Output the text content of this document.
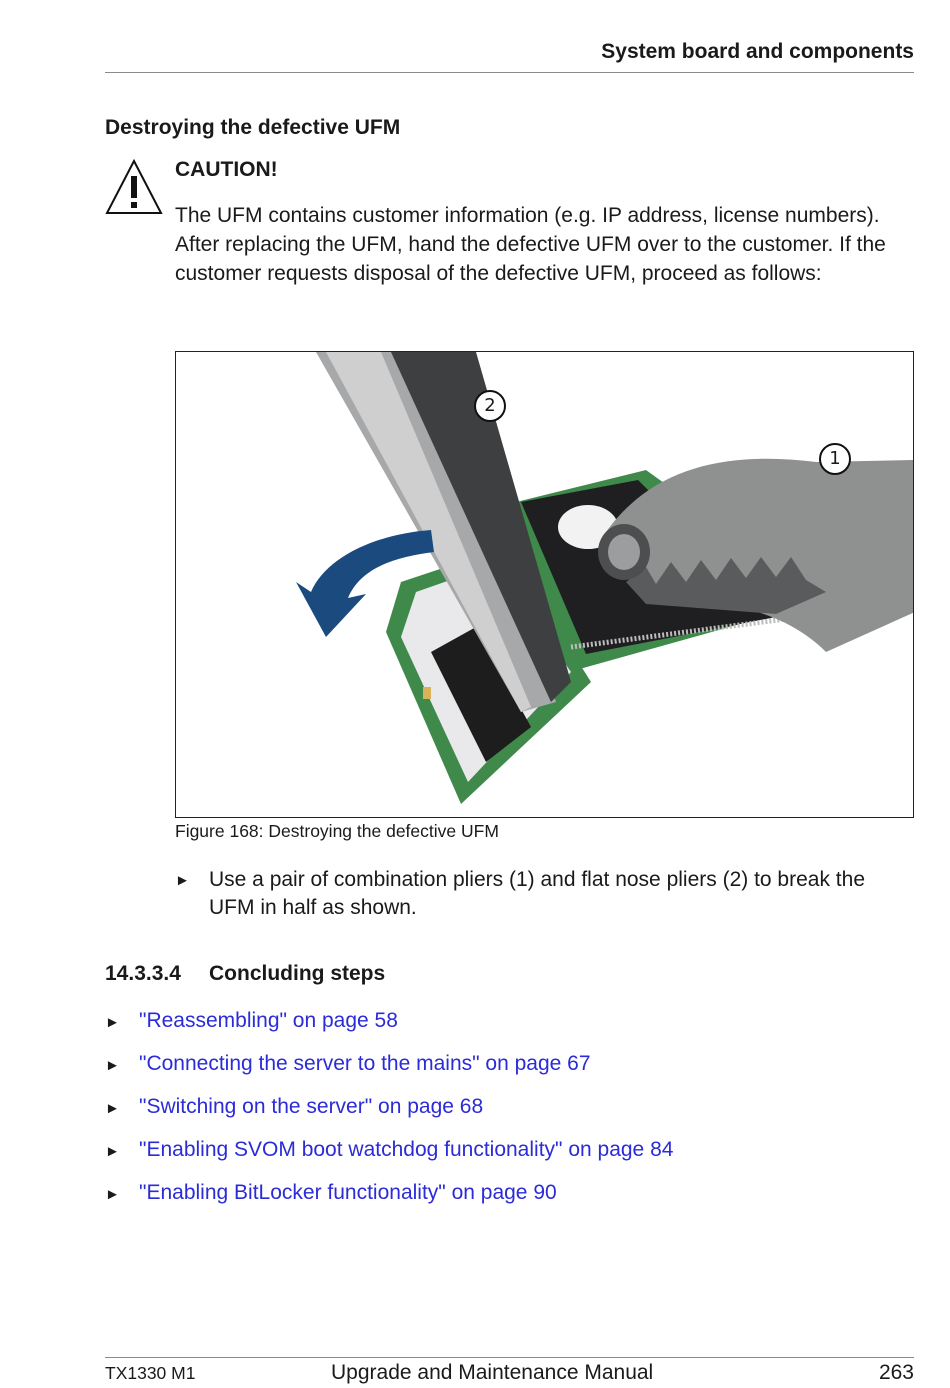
System board and components
Destroying the defective UFM
CAUTION!
The UFM contains customer information (e.g. IP address, license numbers). After replacing the UFM, hand the defective UFM over to the customer. If the customer requests disposal of the defective UFM, proceed as follows:
2
1
Figure 168: Destroying the defective UFM
► Use a pair of combination pliers (1) and flat nose pliers (2) to break the UFM in half as shown.
14.3.3.4 Concluding steps
► "Reassembling" on page 58
► "Connecting the server to the mains" on page 67
► "Switching on the server" on page 68
► "Enabling SVOM boot watchdog functionality" on page 84
► "Enabling BitLocker functionality" on page 90
TX1330 M1	Upgrade and Maintenance Manual	263
